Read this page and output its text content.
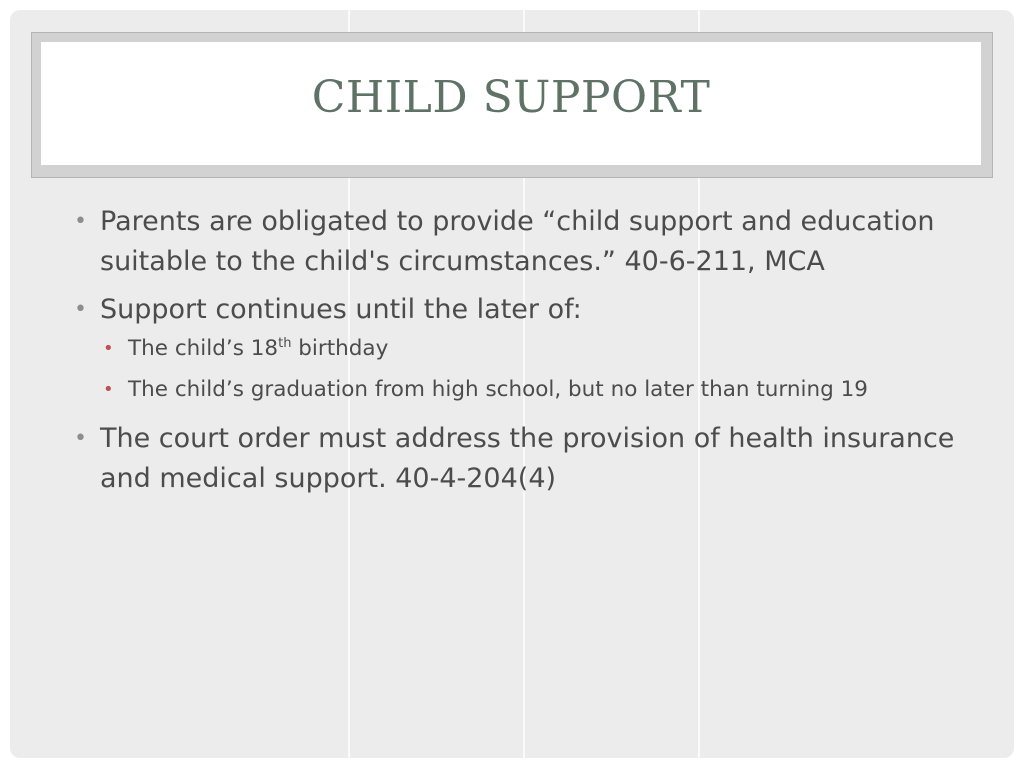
CHILD SUPPORT
• Parents are obligated to provide “child support and education suitable to the child's circumstances.” 40-6-211, MCA
• Support continues until the later of:
• The child’s 18th birthday
• The child’s graduation from high school, but no later than turning 19
• The court order must address the provision of health insurance and medical support. 40-4-204(4)
